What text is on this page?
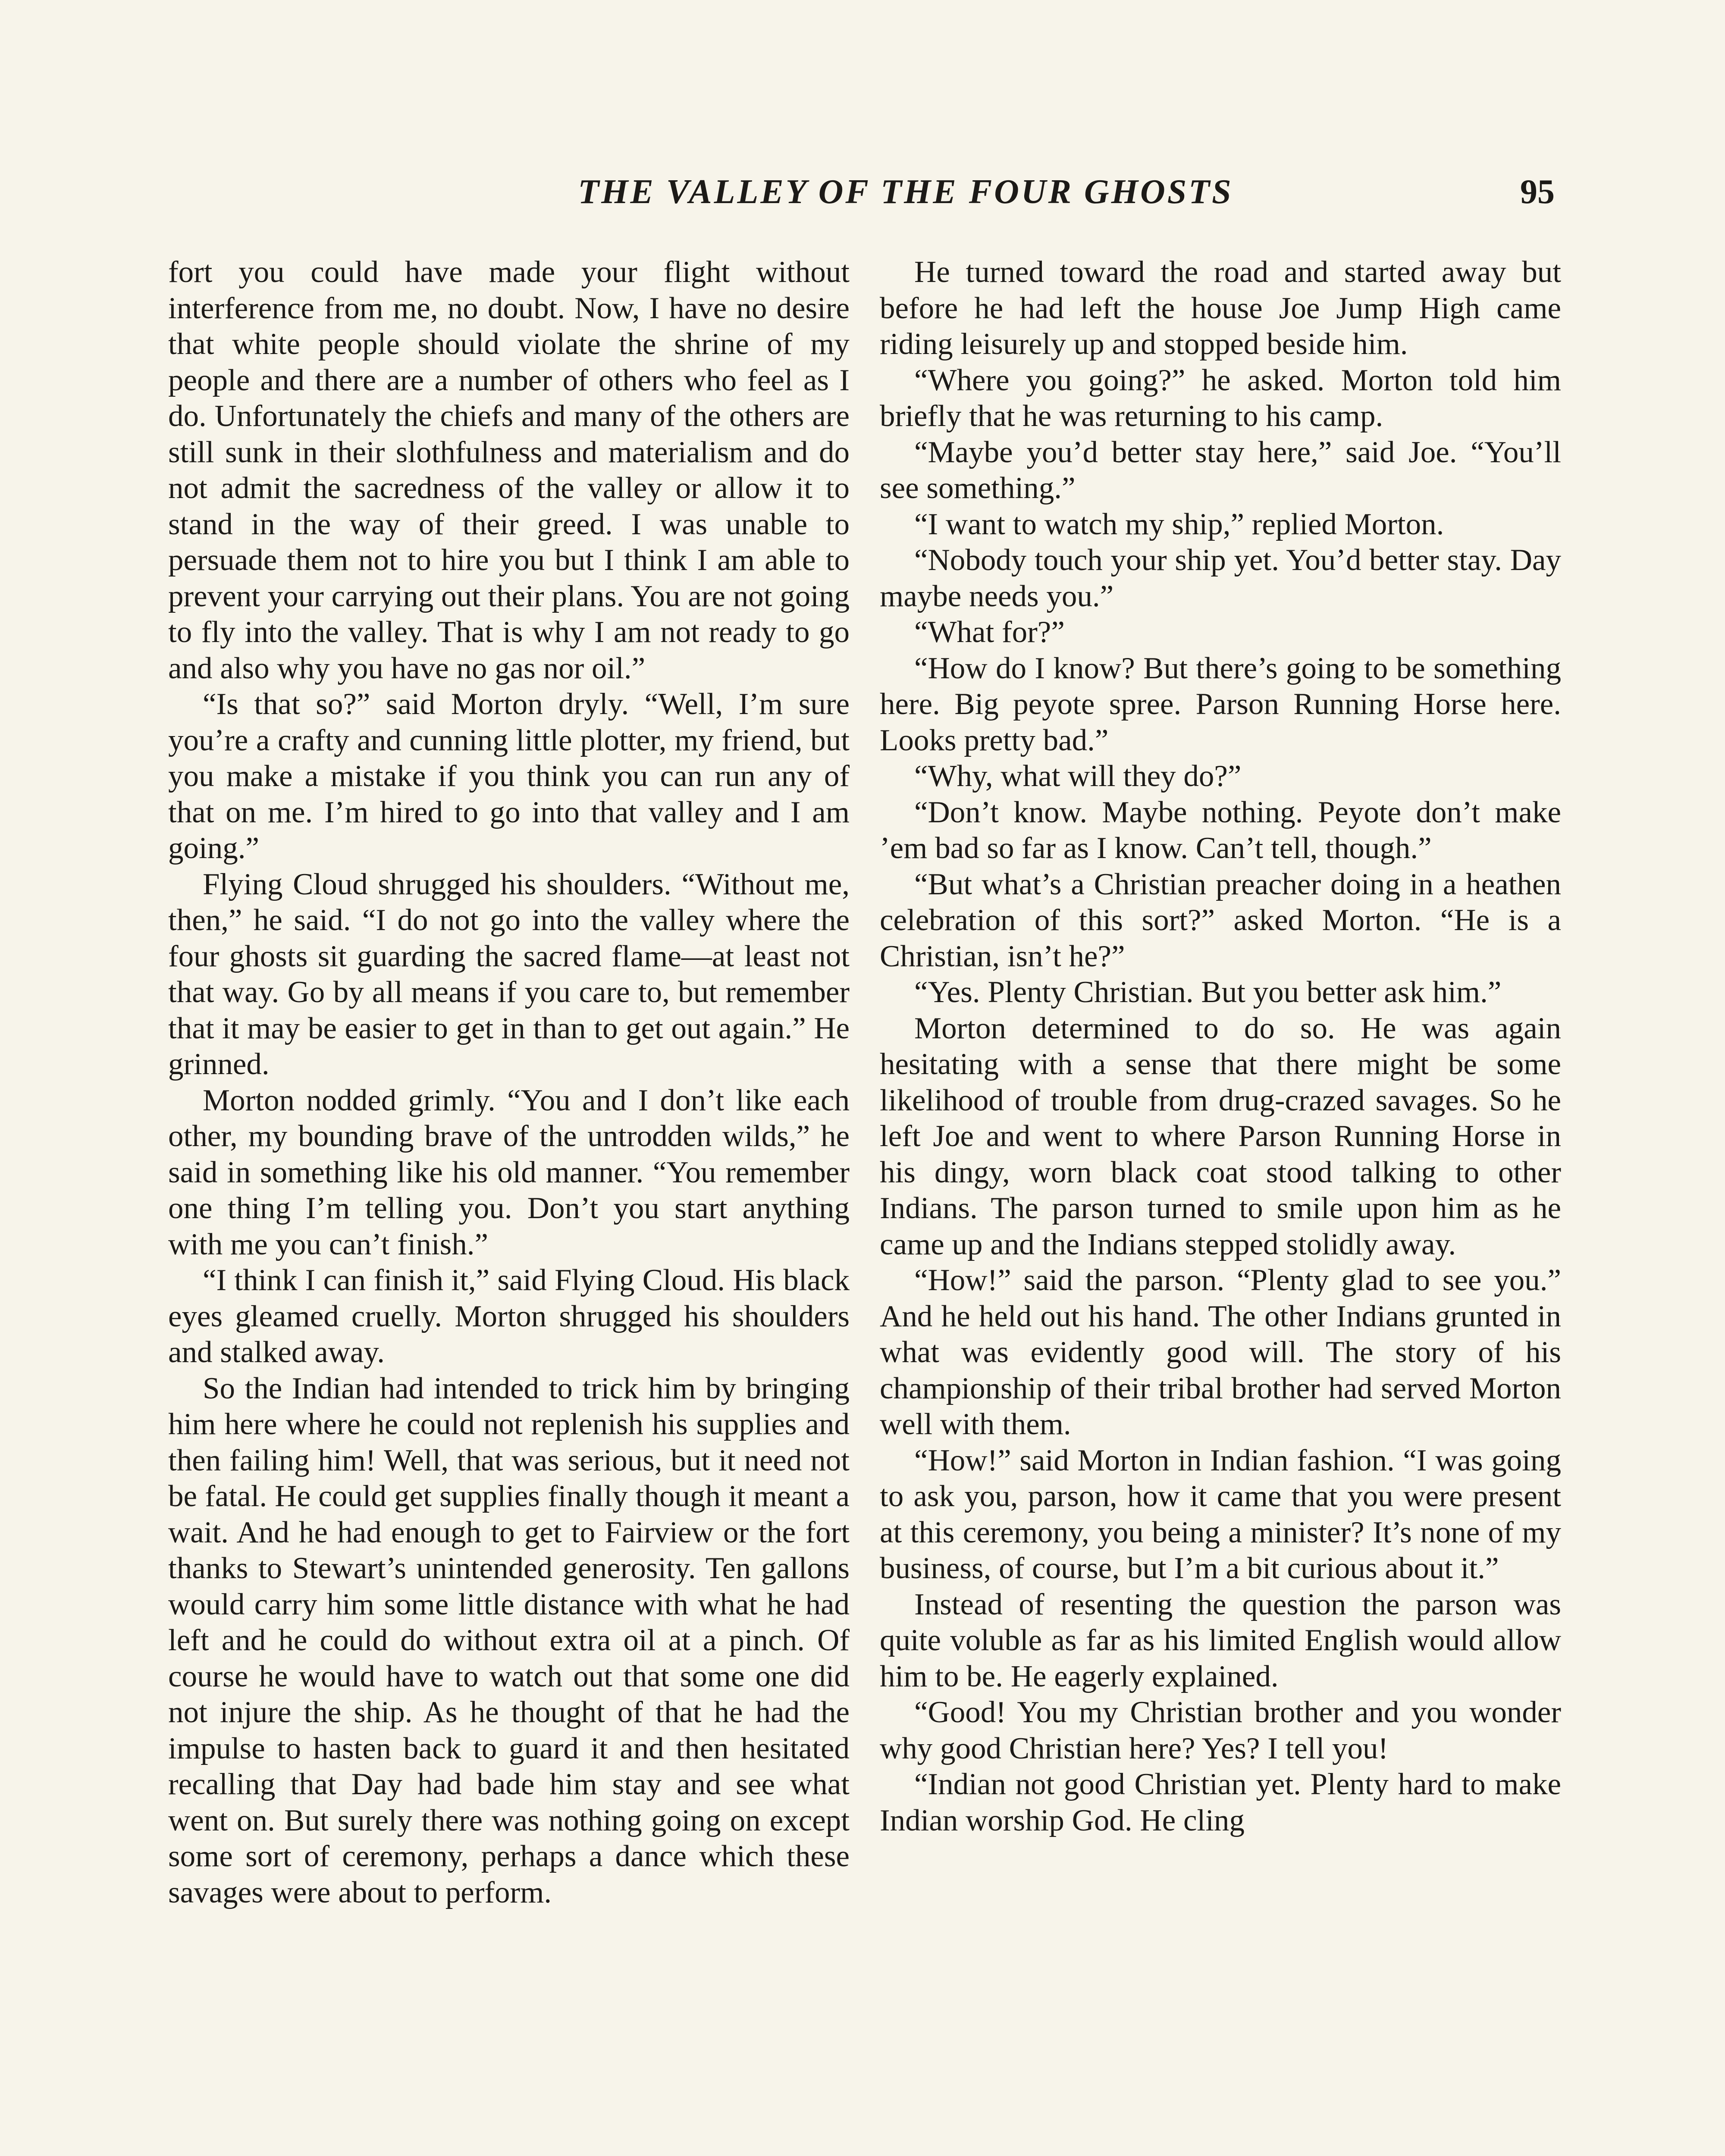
THE VALLEY OF THE FOUR GHOSTS	95

fort you could have made your flight without interference from me, no doubt. Now, I have no desire that white people should violate the shrine of my people and there are a number of others who feel as I do. Unfortunately the chiefs and many of the others are still sunk in their slothfulness and materialism and do not admit the sacredness of the valley or allow it to stand in the way of their greed. I was unable to persuade them not to hire you but I think I am able to prevent your carrying out their plans. You are not going to fly into the valley. That is why I am not ready to go and also why you have no gas nor oil.”

“Is that so?” said Morton dryly. “Well, I’m sure you’re a crafty and cunning little plotter, my friend, but you make a mistake if you think you can run any of that on me. I’m hired to go into that valley and I am going.”

Flying Cloud shrugged his shoulders. “Without me, then,” he said. “I do not go into the valley where the four ghosts sit guarding the sacred flame—at least not that way. Go by all means if you care to, but remember that it may be easier to get in than to get out again.” He grinned.

Morton nodded grimly. “You and I don’t like each other, my bounding brave of the untrodden wilds,” he said in something like his old manner. “You remember one thing I’m telling you. Don’t you start anything with me you can’t finish.”

“I think I can finish it,” said Flying Cloud. His black eyes gleamed cruelly. Morton shrugged his shoulders and stalked away.

So the Indian had intended to trick him by bringing him here where he could not replenish his supplies and then failing him! Well, that was serious, but it need not be fatal. He could get supplies finally though it meant a wait. And he had enough to get to Fairview or the fort thanks to Stewart’s unintended generosity. Ten gallons would carry him some little distance with what he had left and he could do without extra oil at a pinch. Of course he would have to watch out that some one did not injure the ship. As he thought of that he had the impulse to hasten back to guard it and then hesitated recalling that Day had bade him stay and see what went on. But surely there was nothing going on except some sort of ceremony, perhaps a dance which these savages were about to perform.

He turned toward the road and started away but before he had left the house Joe Jump High came riding leisurely up and stopped beside him.

“Where you going?” he asked. Morton told him briefly that he was returning to his camp.

“Maybe you’d better stay here,” said Joe. “You’ll see something.”

“I want to watch my ship,” replied Morton.

“Nobody touch your ship yet. You’d better stay. Day maybe needs you.”

“What for?”

“How do I know? But there’s going to be something here. Big peyote spree. Parson Running Horse here. Looks pretty bad.”

“Why, what will they do?”

“Don’t know. Maybe nothing. Peyote don’t make ’em bad so far as I know. Can’t tell, though.”

“But what’s a Christian preacher doing in a heathen celebration of this sort?” asked Morton. “He is a Christian, isn’t he?”

“Yes. Plenty Christian. But you better ask him.”

Morton determined to do so. He was again hesitating with a sense that there might be some likelihood of trouble from drug-crazed savages. So he left Joe and went to where Parson Running Horse in his dingy, worn black coat stood talking to other Indians. The parson turned to smile upon him as he came up and the Indians stepped stolidly away.

“How!” said the parson. “Plenty glad to see you.” And he held out his hand. The other Indians grunted in what was evidently good will. The story of his championship of their tribal brother had served Morton well with them.

“How!” said Morton in Indian fashion. “I was going to ask you, parson, how it came that you were present at this ceremony, you being a minister? It’s none of my business, of course, but I’m a bit curious about it.”

Instead of resenting the question the parson was quite voluble as far as his limited English would allow him to be. He eagerly explained.

“Good! You my Christian brother and you wonder why good Christian here? Yes? I tell you!

“Indian not good Christian yet. Plenty hard to make Indian worship God. He cling
